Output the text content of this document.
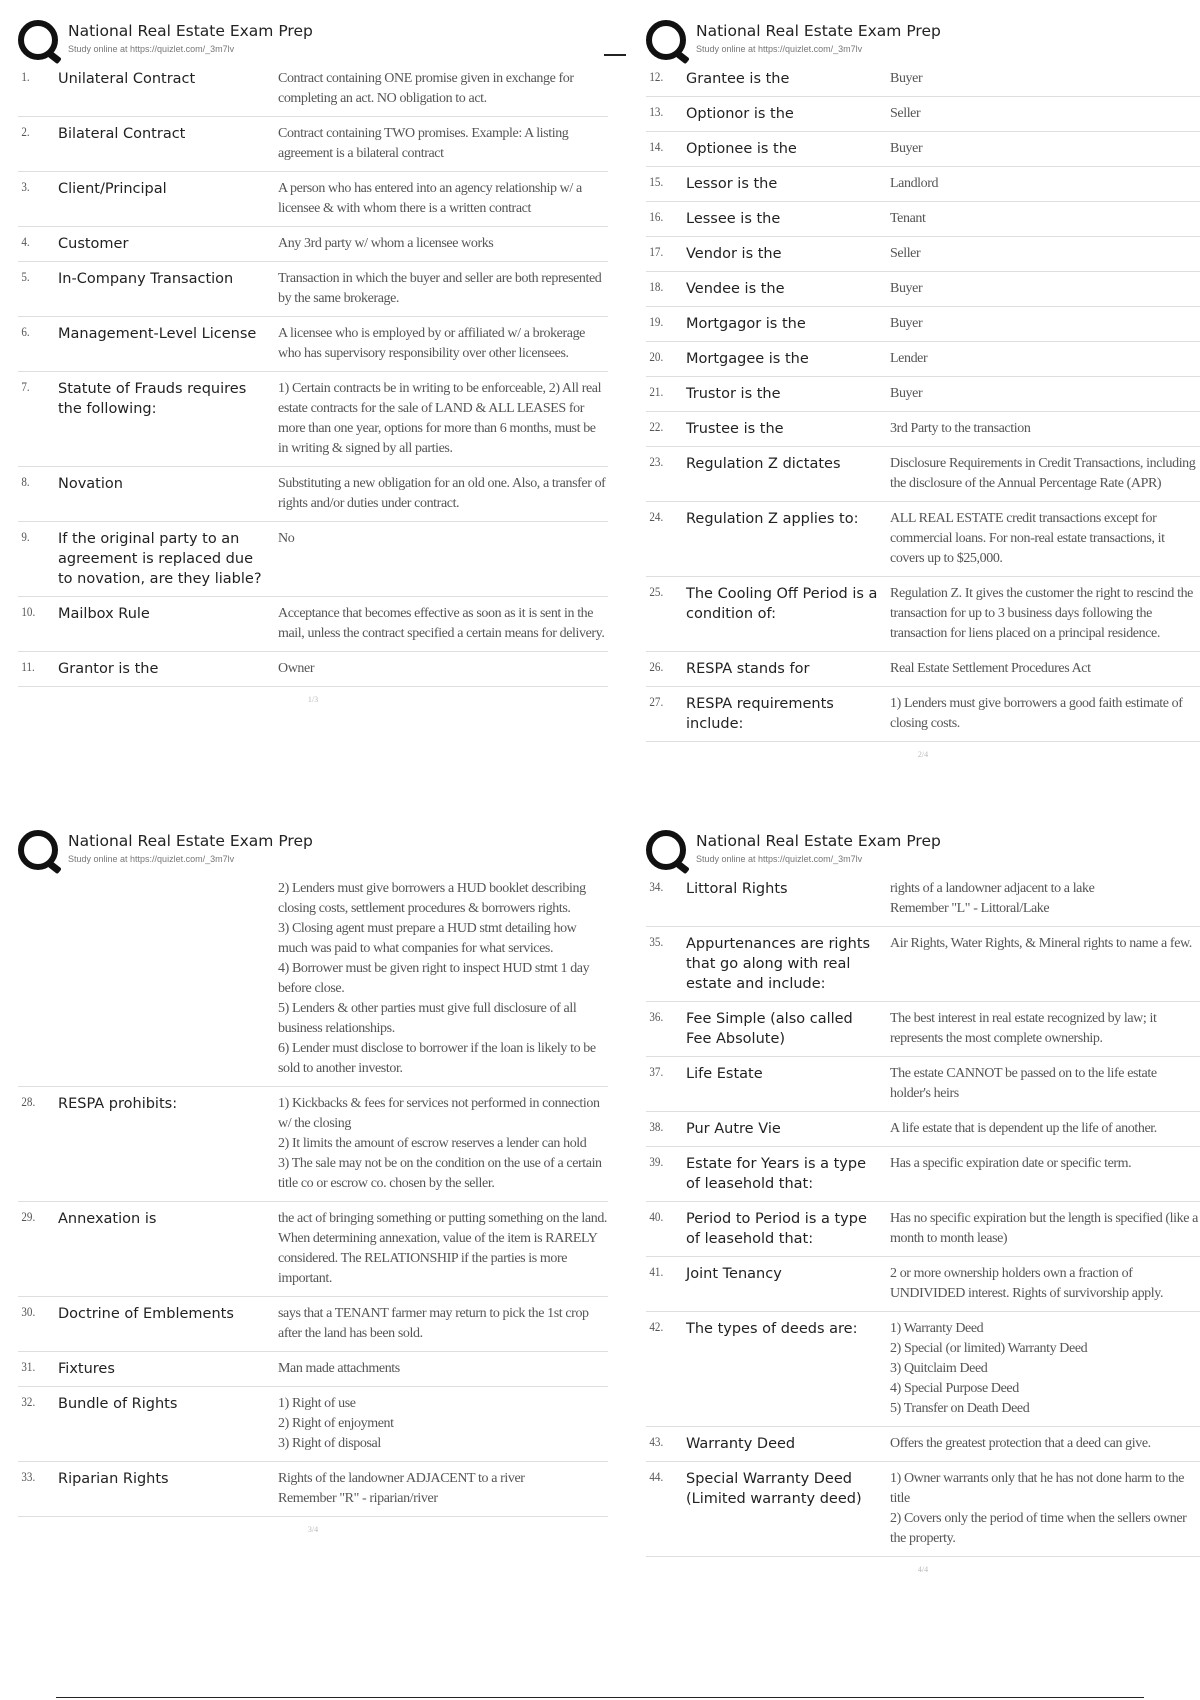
National Real Estate Exam Prep
Study online at https://quizlet.com/_3m7lv
1.	Unilateral Contract	Contract containing ONE promise given in exchange for completing an act. NO obligation to act.
2.	Bilateral Contract	Contract containing TWO promises. Example: A listing agreement is a bilateral contract
3.	Client/Principal	A person who has entered into an agency relationship w/ a licensee & with whom there is a written contract
4.	Customer	Any 3rd party w/ whom a licensee works
5.	In-Company Transaction	Transaction in which the buyer and seller are both represented by the same brokerage.
6.	Management-Level License	A licensee who is employed by or affiliated w/ a brokerage who has supervisory responsibility over other licensees.
7.	Statute of Frauds requires the following:
1) Certain contracts be in writing to be enforceable, 2) All real estate contracts for the sale of LAND & ALL LEASES for more than one year, options for more than 6 months, must be in writing & signed by all parties.
8.	Novation	Substituting a new obligation for an old one. Also, a transfer of rights and/or duties under contract.
9.	If the original party to an agreement is replaced due to novation, are they liable?
No
10.	Mailbox Rule	Acceptance that becomes effective as soon as it is sent in the mail, unless the contract specified a certain means for delivery.
11.	Grantor is the	Owner
1/3
National Real Estate Exam Prep
Study online at https://quizlet.com/_3m7lv
12.	Grantee is the	Buyer
13.	Optionor is the	Seller
14.	Optionee is the	Buyer
15.	Lessor is the	Landlord
16.	Lessee is the	Tenant
17.	Vendor is the	Seller
18.	Vendee is the	Buyer
19.	Mortgagor is the	Buyer
20.	Mortgagee is the	Lender
21.	Trustor is the	Buyer
22.	Trustee is the	3rd Party to the transaction
23.	Regulation Z dictates	Disclosure Requirements in Credit Transactions, including the disclosure of the Annual Percentage Rate (APR)
24.	Regulation Z applies to:	ALL REAL ESTATE credit transactions except for commercial loans. For non-real estate transactions, it covers up to $25,000.
25.	The Cooling Off Period is a condition of:
Regulation Z. It gives the customer the right to rescind the transaction for up to 3 business days following the transaction for liens placed on a principal residence.
26.	RESPA stands for	Real Estate Settlement Procedures Act
27.	RESPA requirements include:
1) Lenders must give borrowers a good faith estimate of closing costs.
2/4
National Real Estate Exam Prep
Study online at https://quizlet.com/_3m7lv
2) Lenders must give borrowers a HUD booklet describing closing costs, settlement procedures & borrowers rights.
3) Closing agent must prepare a HUD stmt detailing how much was paid to what companies for what services.
4) Borrower must be given right to inspect HUD stmt 1 day before close.
5) Lenders & other parties must give full disclosure of all business relationships.
6) Lender must disclose to borrower if the loan is likely to be sold to another investor.
28.	RESPA prohibits:	1) Kickbacks & fees for services not performed in connection w/ the closing
2) It limits the amount of escrow reserves a lender can hold
3) The sale may not be on the condition on the use of a certain title co or escrow co. chosen by the seller.
29.	Annexation is	the act of bringing something or putting something on the land. When determining annexation, value of the item is RARELY considered. The RELATIONSHIP if the parties is more important.
30.	Doctrine of Emblements	says that a TENANT farmer may return to pick the 1st crop after the land has been sold.
31.	Fixtures	Man made attachments
32.	Bundle of Rights	1) Right of use
2) Right of enjoyment
3) Right of disposal
33.	Riparian Rights	Rights of the landowner ADJACENT to a river
Remember "R" - riparian/river
3/4
National Real Estate Exam Prep
Study online at https://quizlet.com/_3m7lv
34.	Littoral Rights	rights of a landowner adjacent to a lake
Remember "L" - Littoral/Lake
35.	Appurtenances are rights that go along with real estate and include:
Air Rights, Water Rights, & Mineral rights to name a few.
36.	Fee Simple (also called Fee Absolute)
The best interest in real estate recognized by law; it represents the most complete ownership.
37.	Life Estate	The estate CANNOT be passed on to the life estate holder's heirs
38.	Pur Autre Vie	A life estate that is dependent up the life of another.
39.	Estate for Years is a type of leasehold that:
Has a specific expiration date or specific term.
40.	Period to Period is a type of leasehold that:
Has no specific expiration but the length is specified (like a month to month lease)
41.	Joint Tenancy	2 or more ownership holders own a fraction of UNDIVIDED interest. Rights of survivorship apply.
42.	The types of deeds are:	1) Warranty Deed
2) Special (or limited) Warranty Deed
3) Quitclaim Deed
4) Special Purpose Deed
5) Transfer on Death Deed
43.	Warranty Deed	Offers the greatest protection that a deed can give.
44.	Special Warranty Deed (Limited warranty deed)
1) Owner warrants only that he has not done harm to the title
2) Covers only the period of time when the sellers owner the property.
4/4
